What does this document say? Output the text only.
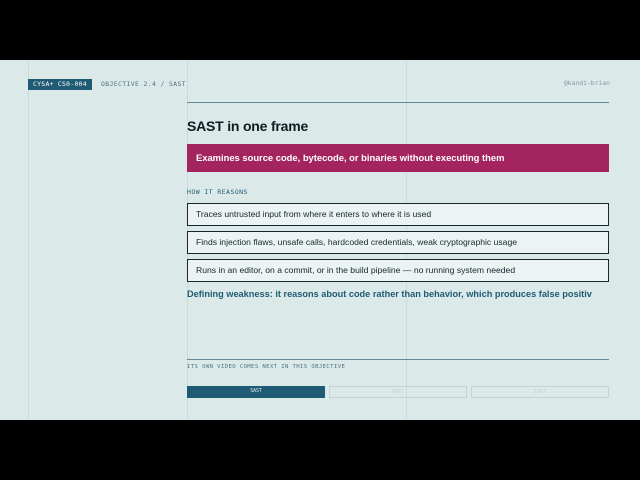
CYSA+ CS0-004	OBJECTIVE 2.4 / SAST	@kandi-brian
SAST in one frame
Examines source code, bytecode, or binaries without executing them
HOW IT REASONS
Traces untrusted input from where it enters to where it is used
Finds injection flaws, unsafe calls, hardcoded credentials, weak cryptographic usage
Runs in an editor, on a commit, or in the build pipeline — no running system needed
Defining weakness: it reasons about code rather than behavior, which produces false positiv
ITS OWN VIDEO COMES NEXT IN THIS OBJECTIVE
SAST	DAST	IAST
